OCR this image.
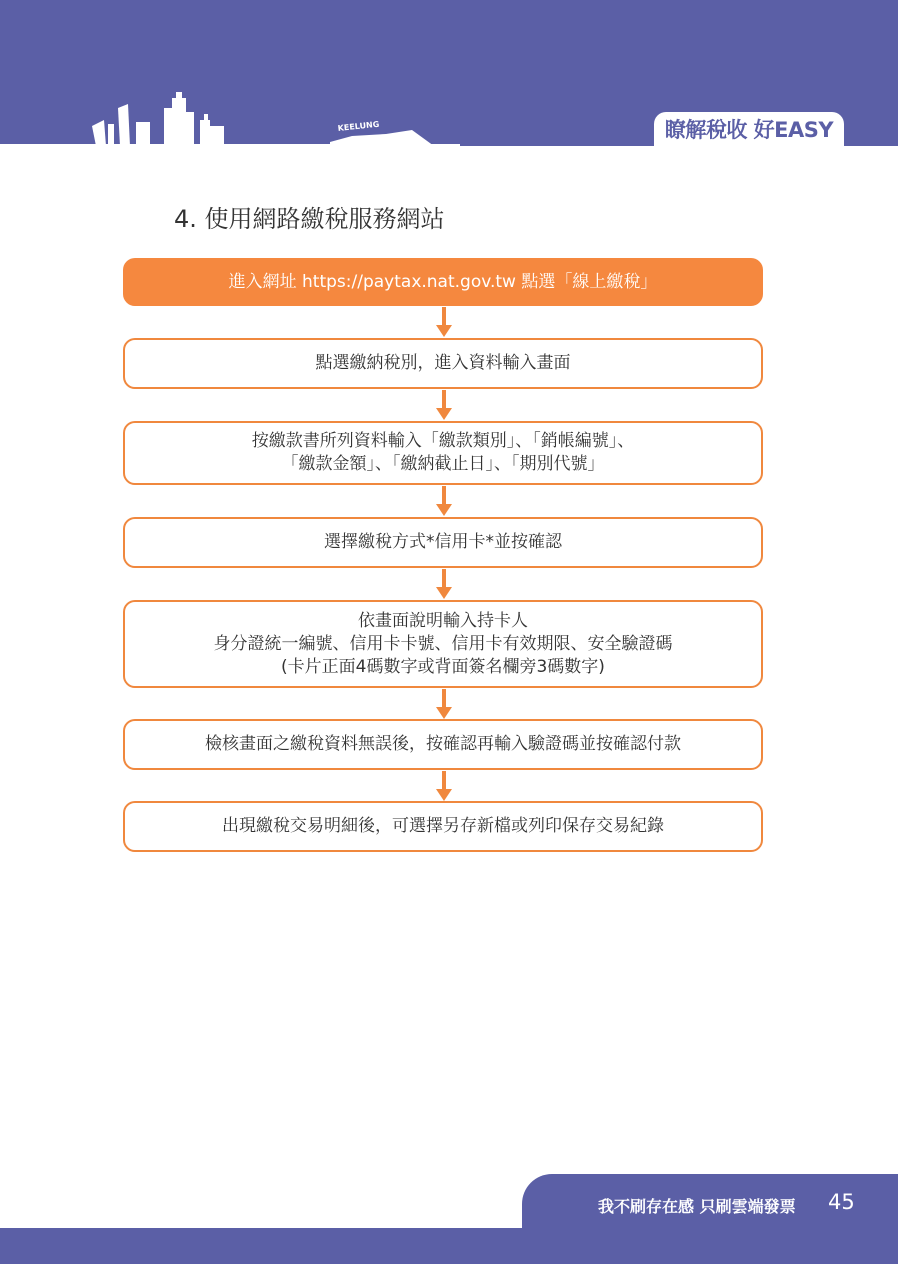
KEELUNG	瞭解稅收 好EASY
4. 使用網路繳稅服務網站
進入網址 https://paytax.nat.gov.tw 點選「線上繳稅」
點選繳納稅別，進入資料輸入畫面
按繳款書所列資料輸入「繳款類別」、「銷帳編號」、
「繳款金額」、「繳納截止日」、「期別代號」
選擇繳稅方式*信用卡*並按確認
依畫面說明輸入持卡人
身分證統一編號、信用卡卡號、信用卡有效期限、安全驗證碼
(卡片正面4碼數字或背面簽名欄旁3碼數字)
檢核畫面之繳稅資料無誤後，按確認再輸入驗證碼並按確認付款
出現繳稅交易明細後，可選擇另存新檔或列印保存交易紀錄
我不刷存在感 只刷雲端發票 45
